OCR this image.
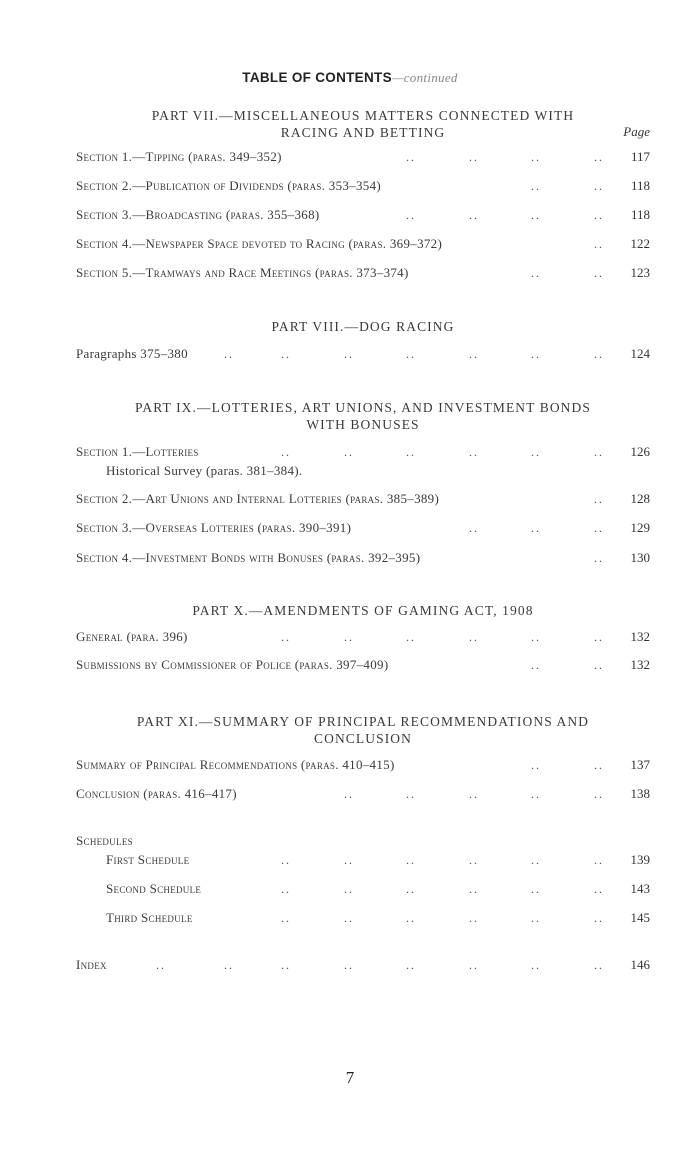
TABLE OF CONTENTS—continued
PART VII.—MISCELLANEOUS MATTERS CONNECTED WITH
RACING AND BETTING	Page
Section 1.—Tipping (paras. 349–352)	..	..	..	.. 117
Section 2.—Publication of Dividends (paras. 353–354)	..	.. 118
Section 3.—Broadcasting (paras. 355–368)	..	..	..	.. 118
Section 4.—Newspaper Space devoted to Racing (paras. 369–372)	.. 122
Section 5.—Tramways and Race Meetings (paras. 373–374)	..	.. 123
PART VIII.—DOG RACING
Paragraphs 375–380	..	..	..	..	..	..	.. 124
PART IX.—LOTTERIES, ART UNIONS, AND INVESTMENT BONDS
WITH BONUSES
Section 1.—Lotteries	..	..	..	..	..	.. 126
Historical Survey (paras. 381–384).
Section 2.—Art Unions and Internal Lotteries (paras. 385–389)	.. 128
Section 3.—Overseas Lotteries (paras. 390–391)	..	..	.. 129
Section 4.—Investment Bonds with Bonuses (paras. 392–395)	.. 130
PART X.—AMENDMENTS OF GAMING ACT, 1908
General (para. 396)	..	..	..	..	..	.. 132
Submissions by Commissioner of Police (paras. 397–409)	..	.. 132
PART XI.—SUMMARY OF PRINCIPAL RECOMMENDATIONS AND
CONCLUSION
Summary of Principal Recommendations (paras. 410–415)	..	.. 137
Conclusion (paras. 416–417)	..	..	..	..	.. 138
Schedules
First Schedule	..	..	..	..	..	.. 139
Second Schedule	..	..	..	..	..	.. 143
Third Schedule	..	..	..	..	..	.. 145
Index	..	..	..	..	..	..	..	.. 146
7
